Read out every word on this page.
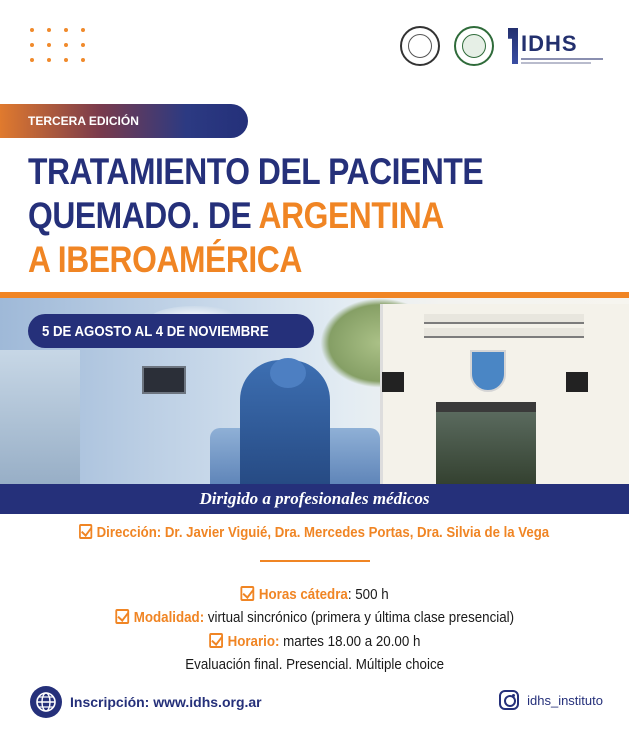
IDHS
TERCERA EDICIÓN
TRATAMIENTO DEL PACIENTE
QUEMADO. DE ARGENTINA
A IBEROAMÉRICA
5 DE AGOSTO AL 4 DE NOVIEMBRE
Dirigido a profesionales médicos
Dirección: Dr. Javier Viguié, Dra. Mercedes Portas, Dra. Silvia de la Vega
Horas cátedra: 500 h
Modalidad: virtual sincrónico (primera y última clase presencial)
Horario: martes 18.00 a 20.00 h
Evaluación final. Presencial. Múltiple choice
Inscripción: www.idhs.org.ar	idhs_instituto
